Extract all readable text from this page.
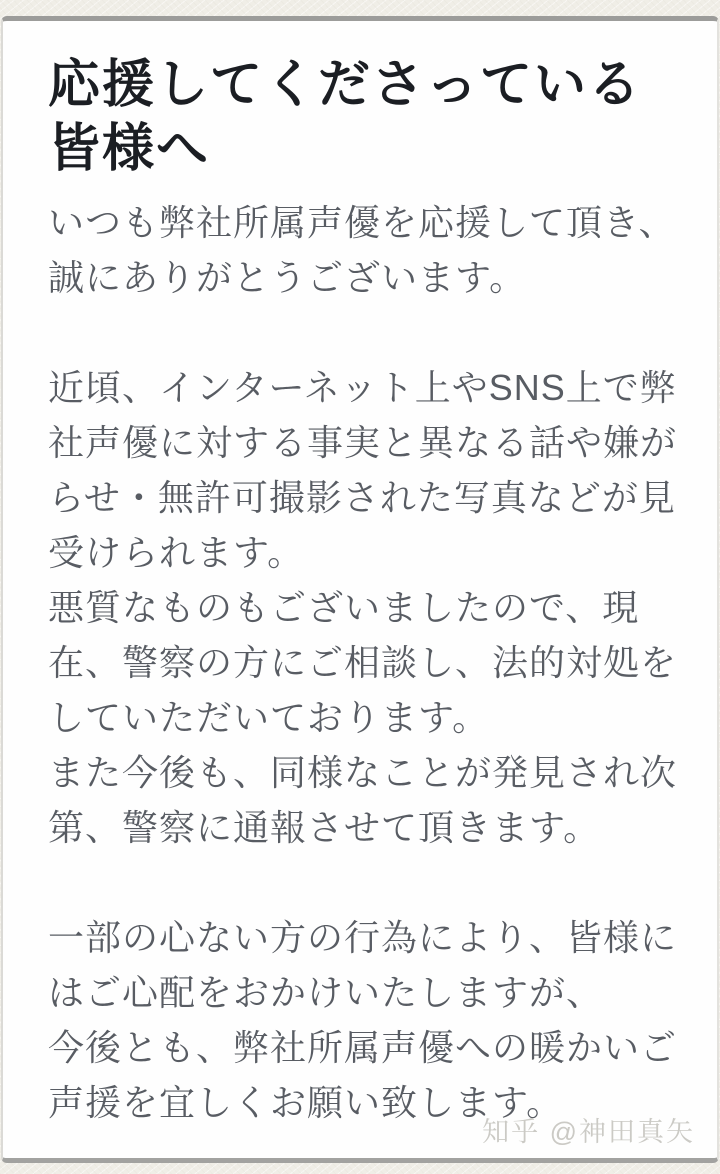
応援してくださっている
皆様へ
いつも弊社所属声優を応援して頂き、
誠にありがとうございます。

近頃、インターネット上やSNS上で弊
社声優に対する事実と異なる話や嫌が
らせ・無許可撮影された写真などが見
受けられます。
悪質なものもございましたので、現
在、警察の方にご相談し、法的対処を
していただいております。
また今後も、同様なことが発見され次
第、警察に通報させて頂きます。

一部の心ない方の行為により、皆様に
はご心配をおかけいたしますが、
今後とも、弊社所属声優への暖かいご
声援を宜しくお願い致します。
知乎 @神田真矢
